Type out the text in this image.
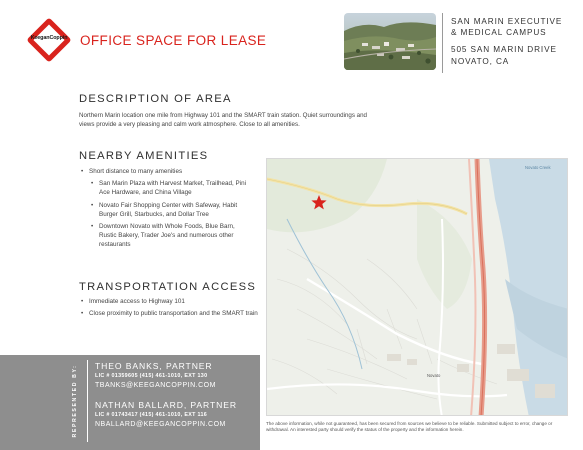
KeeganCoppin OFFICE SPACE FOR LEASE
SAN MARIN EXECUTIVE
& MEDICAL CAMPUS
505 SAN MARIN DRIVE
NOVATO, CA
DESCRIPTION OF AREA

Northern Marin location one mile from Highway 101 and the SMART train station. Quiet surroundings and views provide a very pleasing and calm work atmosphere. Close to all amenities.

NEARBY AMENITIES
• Short distance to many amenities
• San Marin Plaza with Harvest Market, Trailhead, Pini Ace Hardware, and China Village
• Novato Fair Shopping Center with Safeway, Habit Burger Grill, Starbucks, and Dollar Tree
• Downtown Novato with Whole Foods, Blue Barn, Rustic Bakery, Trader Joe's and numerous other restaurants
TRANSPORTATION ACCESS
• Immediate access to Highway 101
• Close proximity to public transportation and the SMART train
Novato Creek
Novato
REPRESENTED BY: THEO BANKS, PARTNER
LIC # 01359605 (415) 461-1010, EXT 130
TBANKS@KEEGANCOPPIN.COM
NATHAN BALLARD, PARTNER
LIC # 01743417 (415) 461-1010, EXT 116
NBALLARD@KEEGANCOPPIN.COM	The above information, while not guaranteed, has been secured from sources we believe to be reliable. Submitted subject to error, change or withdrawal. An interested party should verify the status of the property and the information herein.
